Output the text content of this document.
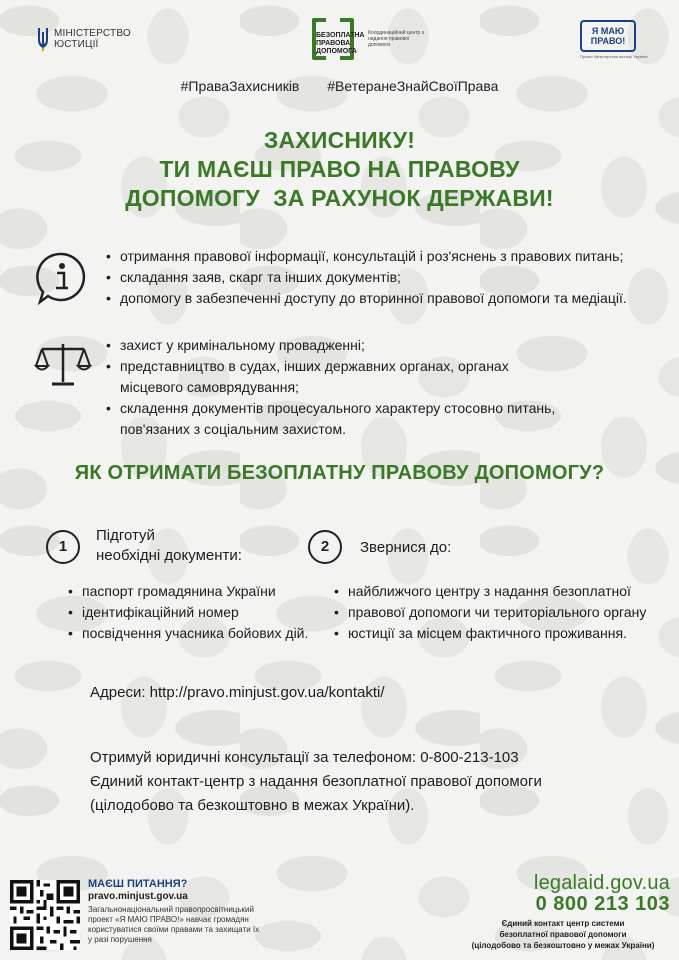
МІНІСТЕРСТВО
ЮСТИЦІЇ
БЕЗОПЛАТНА
ПРАВОВА
ДОПОМОГА
Координаційний центр з надання правової допомоги
Я МАЮ
ПРАВО!
Проєкт Міністерства юстиції України
#ПраваЗахисників #ВетеранеЗнайСвоїПрава
ЗАХИСНИКУ!
ТИ МАЄШ ПРАВО НА ПРАВОВУ
ДОПОМОГУ  ЗА РАХУНОК ДЕРЖАВИ!
• отримання правової інформації, консультацій і роз'яснень з правових питань;
• складання заяв, скарг та інших документів;
• допомогу в забезпеченні доступу до вторинної правової допомоги та медіації.
• захист у кримінальному провадженні;
• представництво в судах, інших державних органах, органах
місцевого самоврядування;
• складення документів процесуального характеру стосовно питань,
пов'язаних з соціальним захистом.
ЯК ОТРИМАТИ БЕЗОПЛАТНУ ПРАВОВУ ДОПОМОГУ?
1
Підготуй
необхідні документи:
2	Звернися до:
• паспорт громадянина України
• ідентифікаційний номер
• посвідчення учасника бойових дій.
• найближчого центру з надання безоплатної
• правової допомоги чи територіального органу
• юстиції за місцем фактичного проживання.
Адреси: http://pravo.minjust.gov.ua/kontakti/
Отримуй юридичні консультації за телефоном: 0-800-213-103
Єдиний контакт-центр з надання безоплатної правової допомоги
(цілодобово та безкоштовно в межах України).
МАЄШ ПИТАННЯ?
pravo.minjust.gov.ua
Загальнонаціональний правопросвітницький
проект «Я МАЮ ПРАВО!» навчає громадян
користуватися своїми правами та захищати їх
у разі порушення
legalaid.gov.ua
0 800 213 103
Єдиний контакт центр системи
безоплатної правової допомоги
(цілодобово та безкоштовно у межах України)
